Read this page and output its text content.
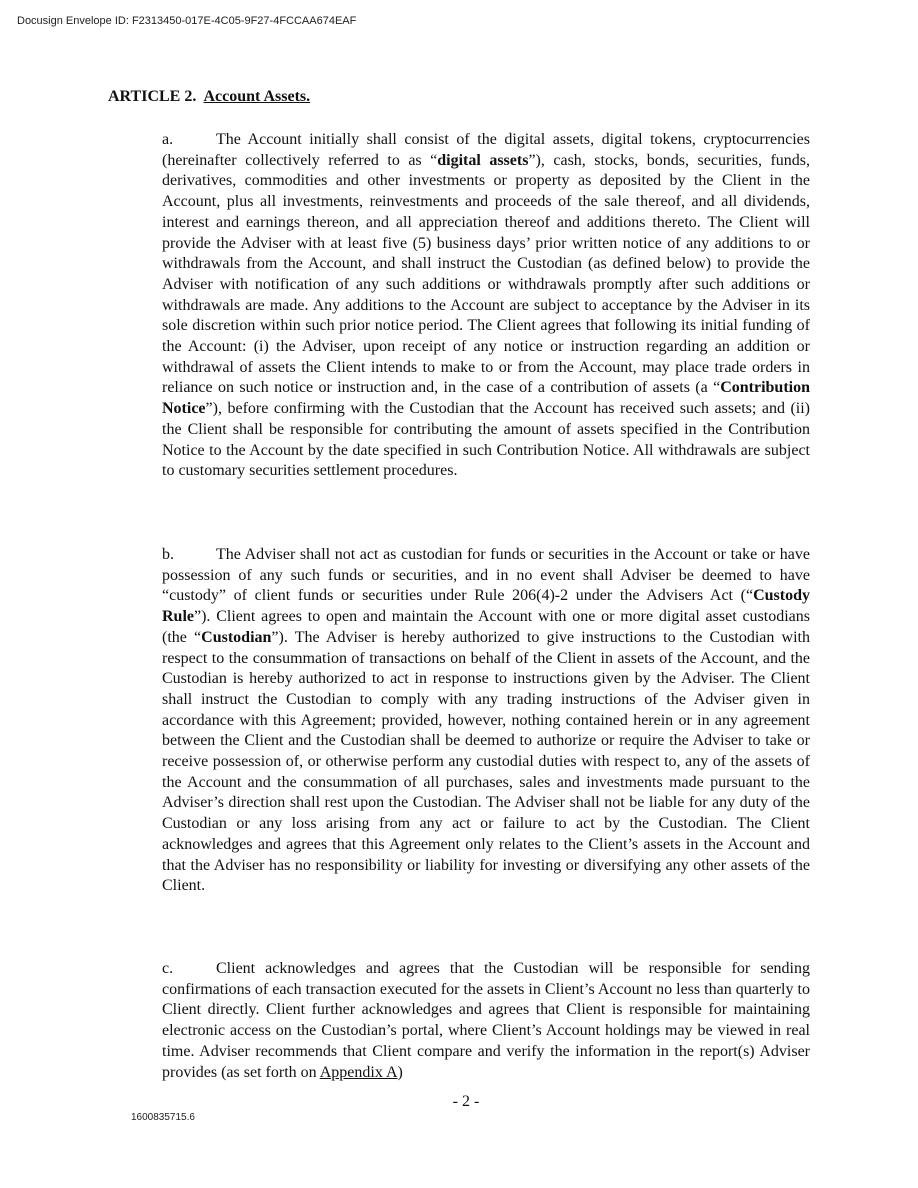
Docusign Envelope ID: F2313450-017E-4C05-9F27-4FCCAA674EAF
ARTICLE 2. Account Assets.

a.	The Account initially shall consist of the digital assets, digital tokens, cryptocurrencies (hereinafter collectively referred to as “digital assets”), cash, stocks, bonds, securities, funds, derivatives, commodities and other investments or property as deposited by the Client in the Account, plus all investments, reinvestments and proceeds of the sale thereof, and all dividends, interest and earnings thereon, and all appreciation thereof and additions thereto. The Client will provide the Adviser with at least five (5) business days’ prior written notice of any additions to or withdrawals from the Account, and shall instruct the Custodian (as defined below) to provide the Adviser with notification of any such additions or withdrawals promptly after such additions or withdrawals are made. Any additions to the Account are subject to acceptance by the Adviser in its sole discretion within such prior notice period. The Client agrees that following its initial funding of the Account: (i) the Adviser, upon receipt of any notice or instruction regarding an addition or withdrawal of assets the Client intends to make to or from the Account, may place trade orders in reliance on such notice or instruction and, in the case of a contribution of assets (a “Contribution Notice”), before confirming with the Custodian that the Account has received such assets; and (ii) the Client shall be responsible for contributing the amount of assets specified in the Contribution Notice to the Account by the date specified in such Contribution Notice. All withdrawals are subject to customary securities settlement procedures.

b.	The Adviser shall not act as custodian for funds or securities in the Account or take or have possession of any such funds or securities, and in no event shall Adviser be deemed to have “custody” of client funds or securities under Rule 206(4)-2 under the Advisers Act (“Custody Rule”). Client agrees to open and maintain the Account with one or more digital asset custodians (the “Custodian”). The Adviser is hereby authorized to give instructions to the Custodian with respect to the consummation of transactions on behalf of the Client in assets of the Account, and the Custodian is hereby authorized to act in response to instructions given by the Adviser. The Client shall instruct the Custodian to comply with any trading instructions of the Adviser given in accordance with this Agreement; provided, however, nothing contained herein or in any agreement between the Client and the Custodian shall be deemed to authorize or require the Adviser to take or receive possession of, or otherwise perform any custodial duties with respect to, any of the assets of the Account and the consummation of all purchases, sales and investments made pursuant to the Adviser’s direction shall rest upon the Custodian. The Adviser shall not be liable for any duty of the Custodian or any loss arising from any act or failure to act by the Custodian. The Client acknowledges and agrees that this Agreement only relates to the Client’s assets in the Account and that the Adviser has no responsibility or liability for investing or diversifying any other assets of the Client.

c.	Client acknowledges and agrees that the Custodian will be responsible for sending confirmations of each transaction executed for the assets in Client’s Account no less than quarterly to Client directly. Client further acknowledges and agrees that Client is responsible for maintaining electronic access on the Custodian’s portal, where Client’s Account holdings may be viewed in real time. Adviser recommends that Client compare and verify the information in the report(s) Adviser provides (as set forth on Appendix A)

- 2 -
1600835715.6
